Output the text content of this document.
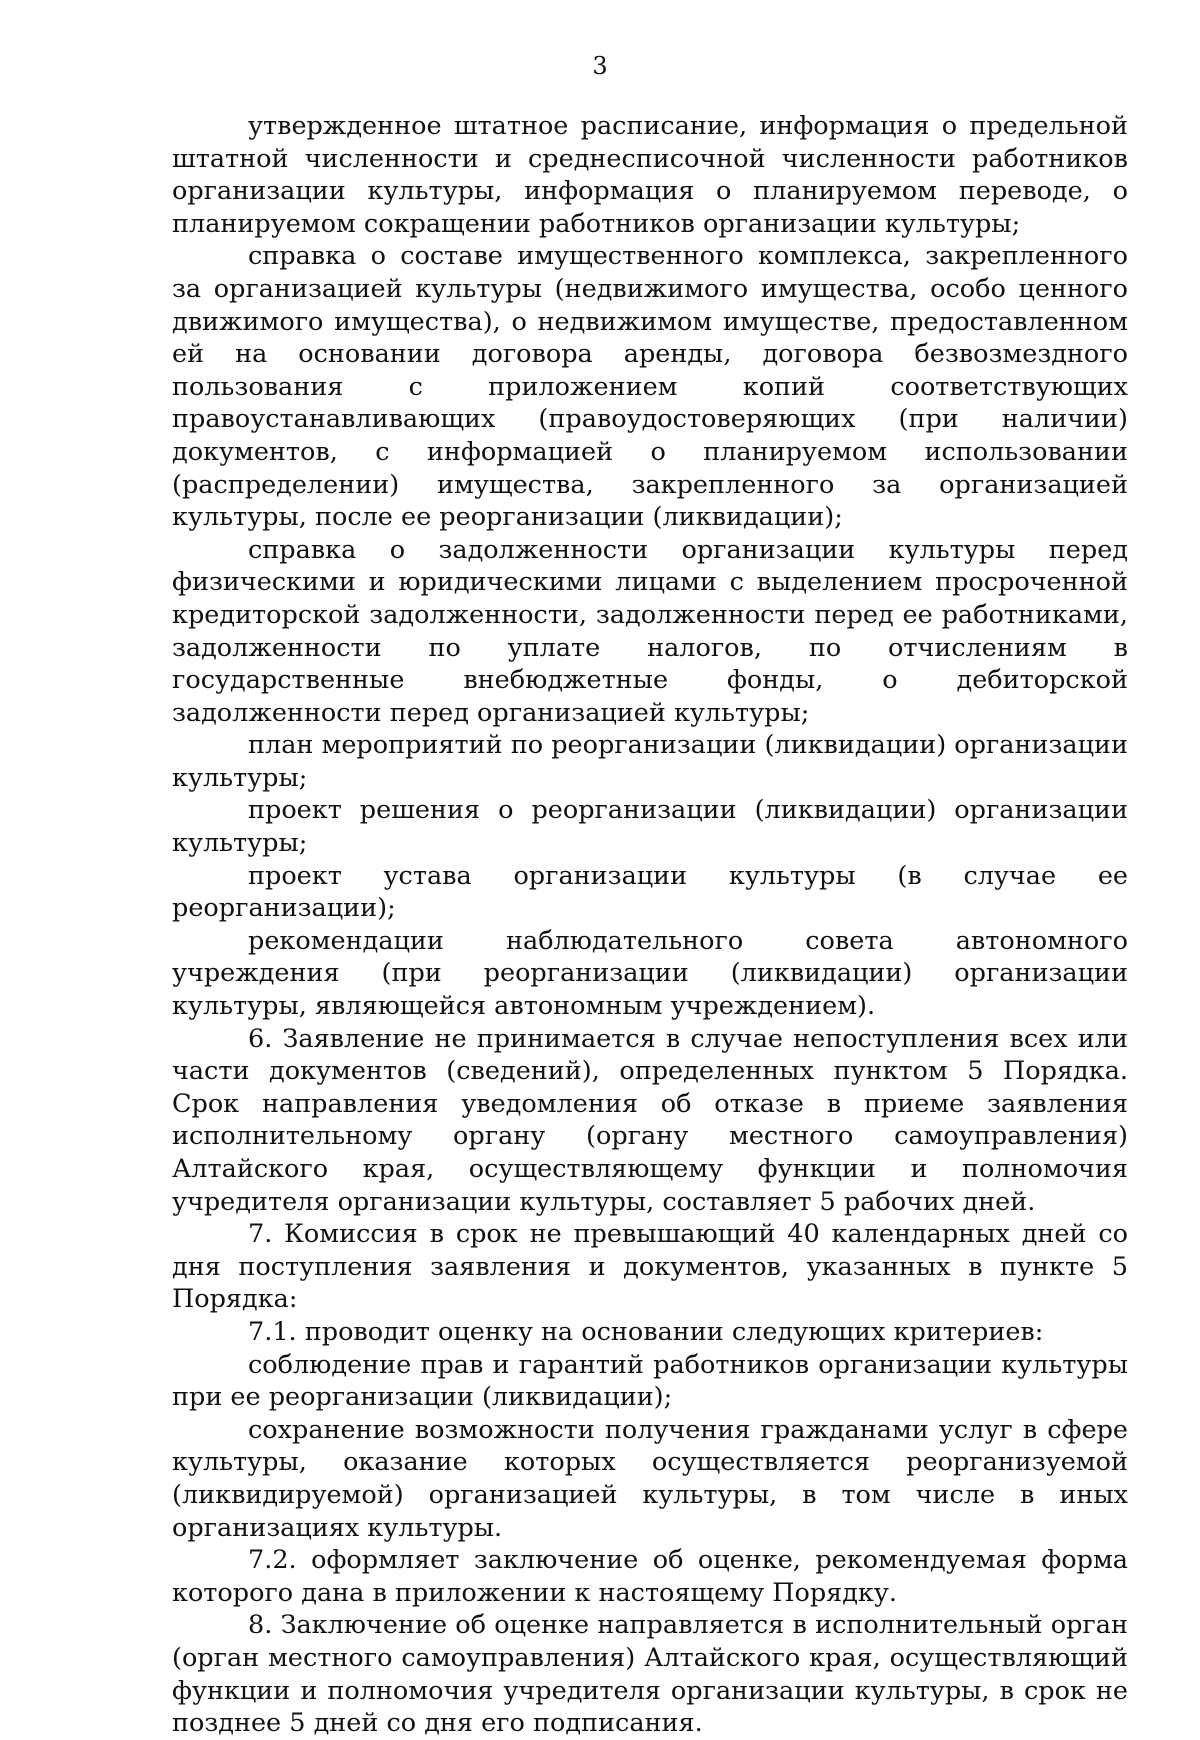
3

утвержденное штатное расписание, информация о предельной штатной численности и среднесписочной численности работников организации культуры, информация о планируемом переводе, о планируемом сокращении работников организации культуры;

справка о составе имущественного комплекса, закрепленного за организацией культуры (недвижимого имущества, особо ценного движимого имущества), о недвижимом имуществе, предоставленном ей на основании договора аренды, договора безвозмездного пользования с приложением копий соответствующих правоустанавливающих (правоудостоверяющих (при наличии) документов, с информацией о планируемом использовании (распределении) имущества, закрепленного за организацией культуры, после ее реорганизации (ликвидации);

справка о задолженности организации культуры перед физическими и юридическими лицами с выделением просроченной кредиторской задолженности, задолженности перед ее работниками, задолженности по уплате налогов, по отчислениям в государственные внебюджетные фонды, о дебиторской задолженности перед организацией культуры;

план мероприятий по реорганизации (ликвидации) организации культуры;

проект решения о реорганизации (ликвидации) организации культуры;

проект устава организации культуры (в случае ее реорганизации);

рекомендации наблюдательного совета автономного учреждения (при реорганизации (ликвидации) организации культуры, являющейся автономным учреждением).

6. Заявление не принимается в случае непоступления всех или части документов (сведений), определенных пунктом 5 Порядка. Срок направления уведомления об отказе в приеме заявления исполнительному органу (органу местного самоуправления) Алтайского края, осуществляющему функции и полномочия учредителя организации культуры, составляет 5 рабочих дней.

7. Комиссия в срок не превышающий 40 календарных дней со дня поступления заявления и документов, указанных в пункте 5 Порядка:

7.1. проводит оценку на основании следующих критериев:

соблюдение прав и гарантий работников организации культуры при ее реорганизации (ликвидации);

сохранение возможности получения гражданами услуг в сфере культуры, оказание которых осуществляется реорганизуемой (ликвидируемой) организацией культуры, в том числе в иных организациях культуры.

7.2. оформляет заключение об оценке, рекомендуемая форма которого дана в приложении к настоящему Порядку.

8. Заключение об оценке направляется в исполнительный орган (орган местного самоуправления) Алтайского края, осуществляющий функции и полномочия учредителя организации культуры, в срок не позднее 5 дней со дня его подписания.
